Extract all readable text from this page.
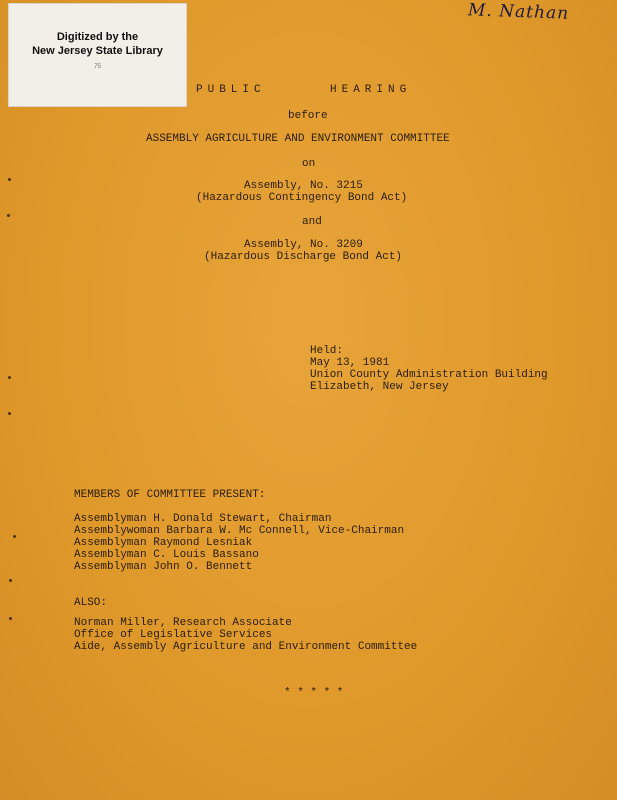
Digitized by the
New Jersey State Library
75
M. Nathan
PUBLIC	HEARING
before
ASSEMBLY AGRICULTURE AND ENVIRONMENT COMMITTEE
on
Assembly, No. 3215
(Hazardous Contingency Bond Act)
and
Assembly, No. 3209
(Hazardous Discharge Bond Act)
Held:
May 13, 1981
Union County Administration Building
Elizabeth, New Jersey
MEMBERS OF COMMITTEE PRESENT:
Assemblyman H. Donald Stewart, Chairman
Assemblywoman Barbara W. Mc Connell, Vice-Chairman
Assemblyman Raymond Lesniak
Assemblyman C. Louis Bassano
Assemblyman John O. Bennett
ALSO:
Norman Miller, Research Associate
Office of Legislative Services
Aide, Assembly Agriculture and Environment Committee
* * * * *
